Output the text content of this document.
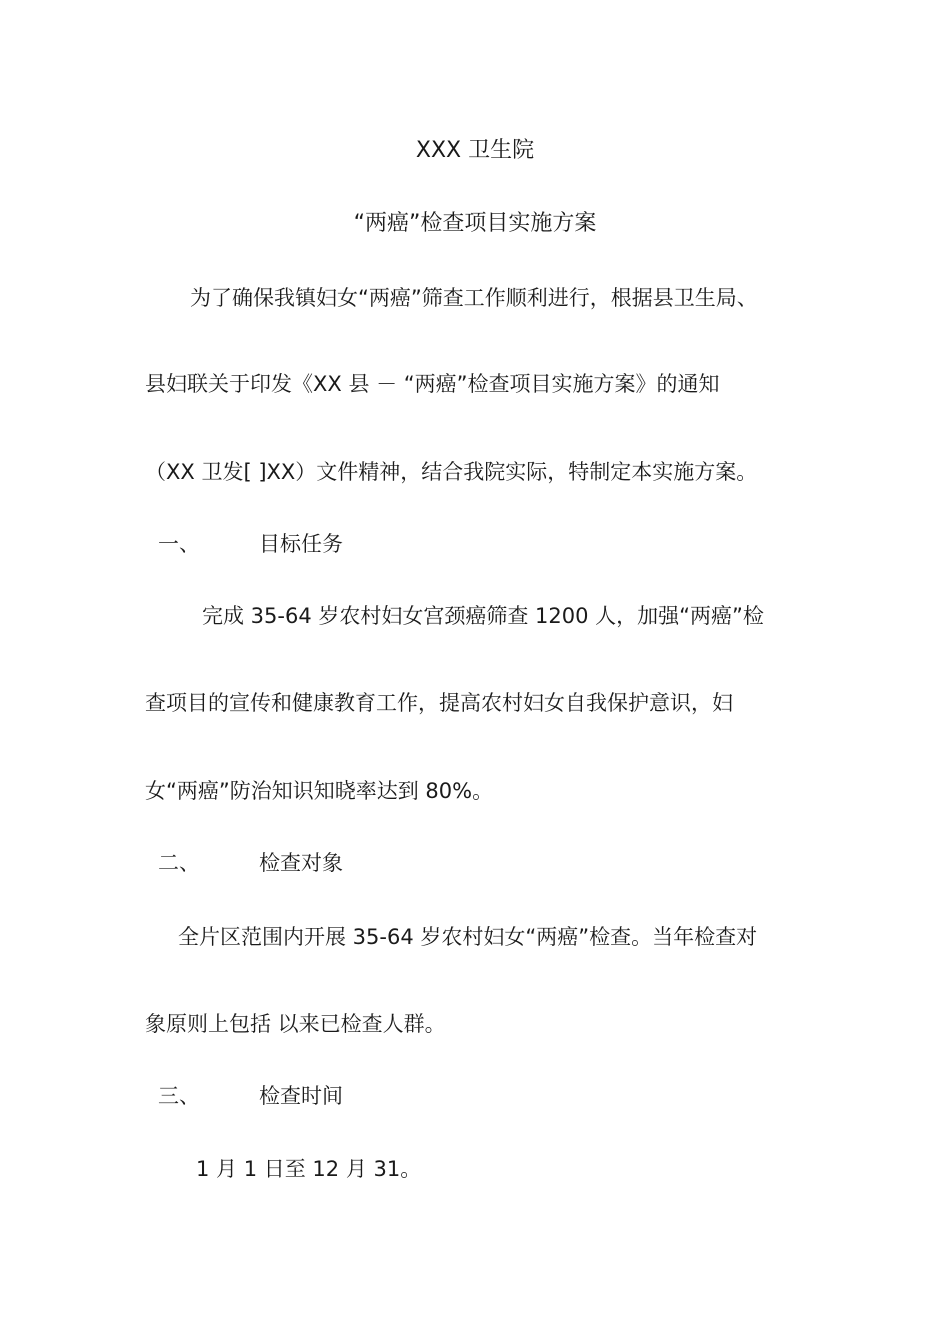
XXX 卫生院
“两癌”检查项目实施方案
为了确保我镇妇女“两癌”筛查工作顺利进行，根据县卫生局、
县妇联关于印发《XX 县 － “两癌”检查项目实施方案》的通知
（XX 卫发[ ]XX）文件精神，结合我院实际，特制定本实施方案。
一、	目标任务
完成 35-64 岁农村妇女宫颈癌筛查 1200 人，加强“两癌”检
查项目的宣传和健康教育工作，提高农村妇女自我保护意识，妇
女“两癌”防治知识知晓率达到 80%。
二、	检查对象
全片区范围内开展 35-64 岁农村妇女“两癌”检查。当年检查对
象原则上包括 以来已检查人群。
三、	检查时间
1 月 1 日至 12 月 31。
